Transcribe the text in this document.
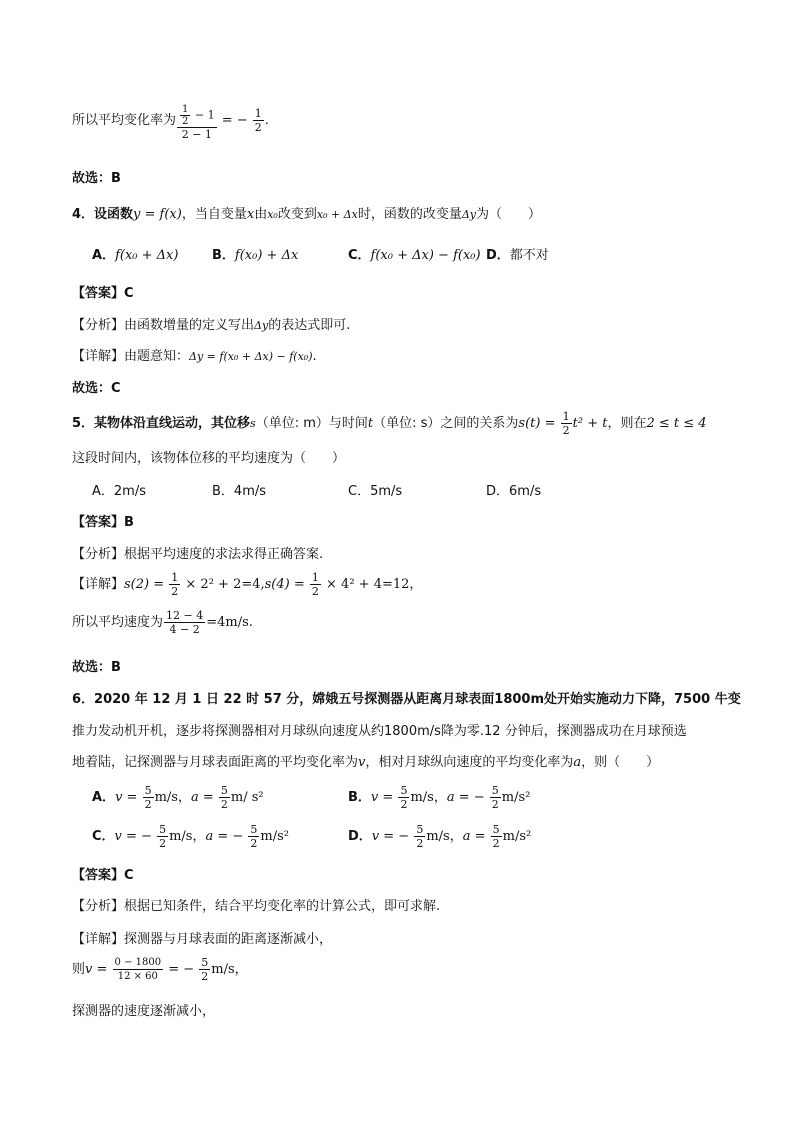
所以平均变化率为 $\frac{\frac{1}{2} - 1}{2 - 1}$ = − $\frac{1}{2}$ .
故选：B
4．设函数y = f(x)，当自变量x由x₀改变到x₀ + Δx时，函数的改变量Δy为（　　）
A．f(x₀ + Δx)	B．f(x₀) + Δx	C．f(x₀ + Δx) − f(x₀) D．都不对
【答案】C
【分析】由函数增量的定义写出Δy的表达式即可.
【详解】由题意知：Δy = f(x₀ + Δx) − f(x₀).
故选：C
5．某物体沿直线运动，其位移s（单位: m）与时间t（单位: s）之间的关系为$s(t) = \frac{1}{2} t^2 + t$，则在2 ≤ t ≤ 4
这段时间内，该物体位移的平均速度为（　　）
A．2m/s	B．4m/s	C．5m/s	D．6m/s
【答案】B
【分析】根据平均速度的求法求得正确答案.
【详解】$s(2) = \frac{1}{2} \times 2^2 + 2=4,s(4) = \frac{1}{2} \times 4^2 + 4=12$，
所以平均速度为 $\frac{12 - 4}{4 - 2} =4m/s$.
故选：B
6．2020 年 12 月 1 日 22 时 57 分，嫦娥五号探测器从距离月球表面1800m处开始实施动力下降，7500 牛变
推力发动机开机，逐步将探测器相对月球纵向速度从约1800m/s降为零.12 分钟后，探测器成功在月球预选
地着陆，记探测器与月球表面距离的平均变化率为v，相对月球纵向速度的平均变化率为a，则（　　）
A．$v = \frac{5}{2} m/s$，$a = \frac{5}{2} m/$ s²	B．$v = \frac{5}{2} m/s$，a = − $\frac{5}{2} m/s^2$
C．v = − $\frac{5}{2} m/s$，a = − $\frac{5}{2} m/s^2$	D．v = − $\frac{5}{2} m/s$，$a = \frac{5}{2} m/s^2$
【答案】C
【分析】根据已知条件，结合平均变化率的计算公式，即可求解.
【详解】探测器与月球表面的距离逐渐减小，
则$v = \frac{0 - 1800}{12 \times 60}$ = − $\frac{5}{2} m/s$，
探测器的速度逐渐减小，
